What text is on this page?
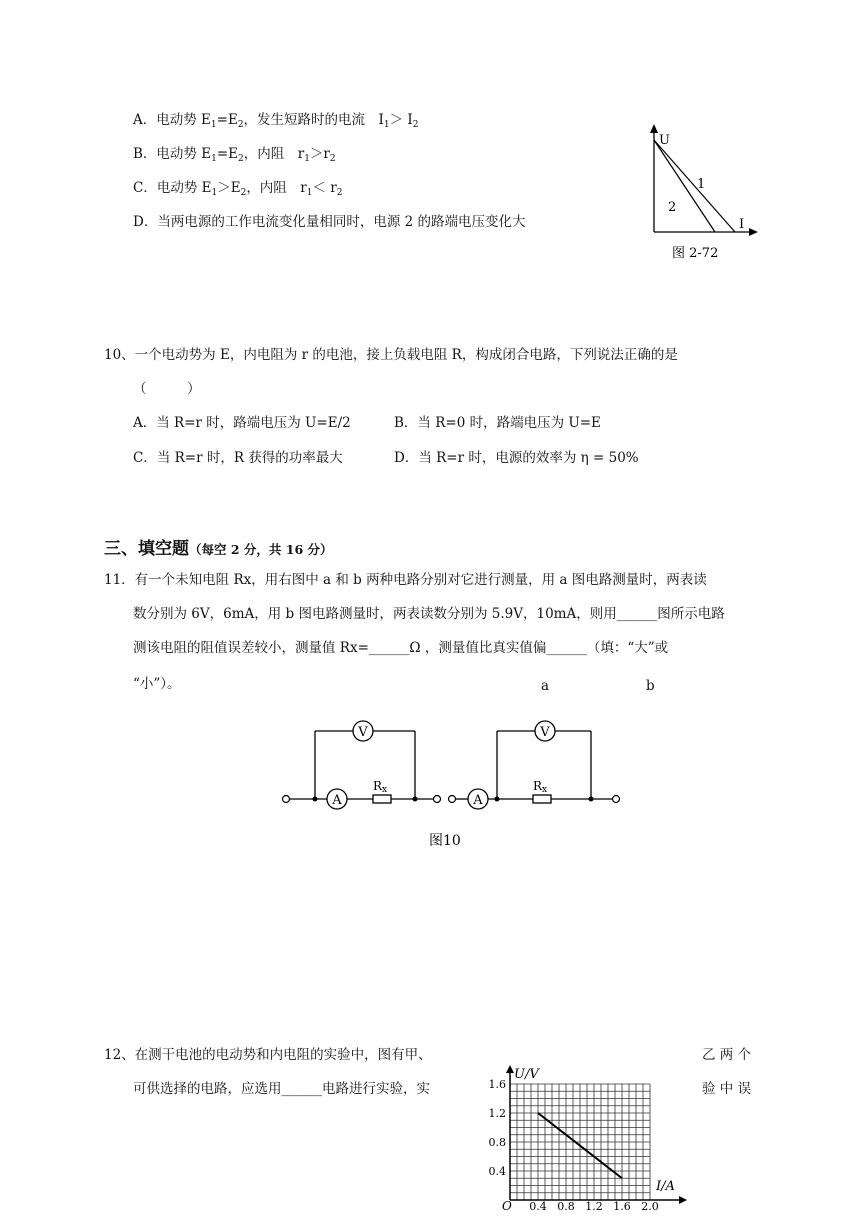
A．电动势 $E_1=E_2$，发生短路时的电流　$I_1> I_2$
B．电动势 $E_1=E_2$，内阻　$r_1>r_2$
C．电动势 $E_1>E_2$，内阻　$r_1< r_2$
D．当两电源的工作电流变化量相同时，电源 2 的路端电压变化大
U
I
1
2
图 2-72
10、一个电动势为 E，内电阻为 r 的电池，接上负载电阻 R，构成闭合电路，下列说法正确的是
（　　　）
A．当 R=r 时，路端电压为 U=E/2	B．当 R=0 时，路端电压为 U=E
C．当 R=r 时，R 获得的功率最大	D．当 R=r 时，电源的效率为 η = 50%
三、填空题（每空 2 分，共 16 分）
11．有一个未知电阻 Rx，用右图中 a 和 b 两种电路分别对它进行测量，用 a 图电路测量时，两表读
数分别为 6V，6mA，用 b 图电路测量时，两表读数分别为 5.9V，10mA，则用______图所示电路
测该电阻的阻值误差较小，测量值 Rx=______Ω ，测量值比真实值偏______（填：“大”或
“小”）。	a	b
V
A
Rx
V
A
Rx
图10
12、在测干电池的电动势和内电阻的实验中，图有甲、	乙 两 个
可供选择的电路，应选用______电路进行实验，实	验 中 误
1.6
1.2
0.8
0.4
0.4 0.8 1.2 1.6 2.0
U/V
I/A
O
